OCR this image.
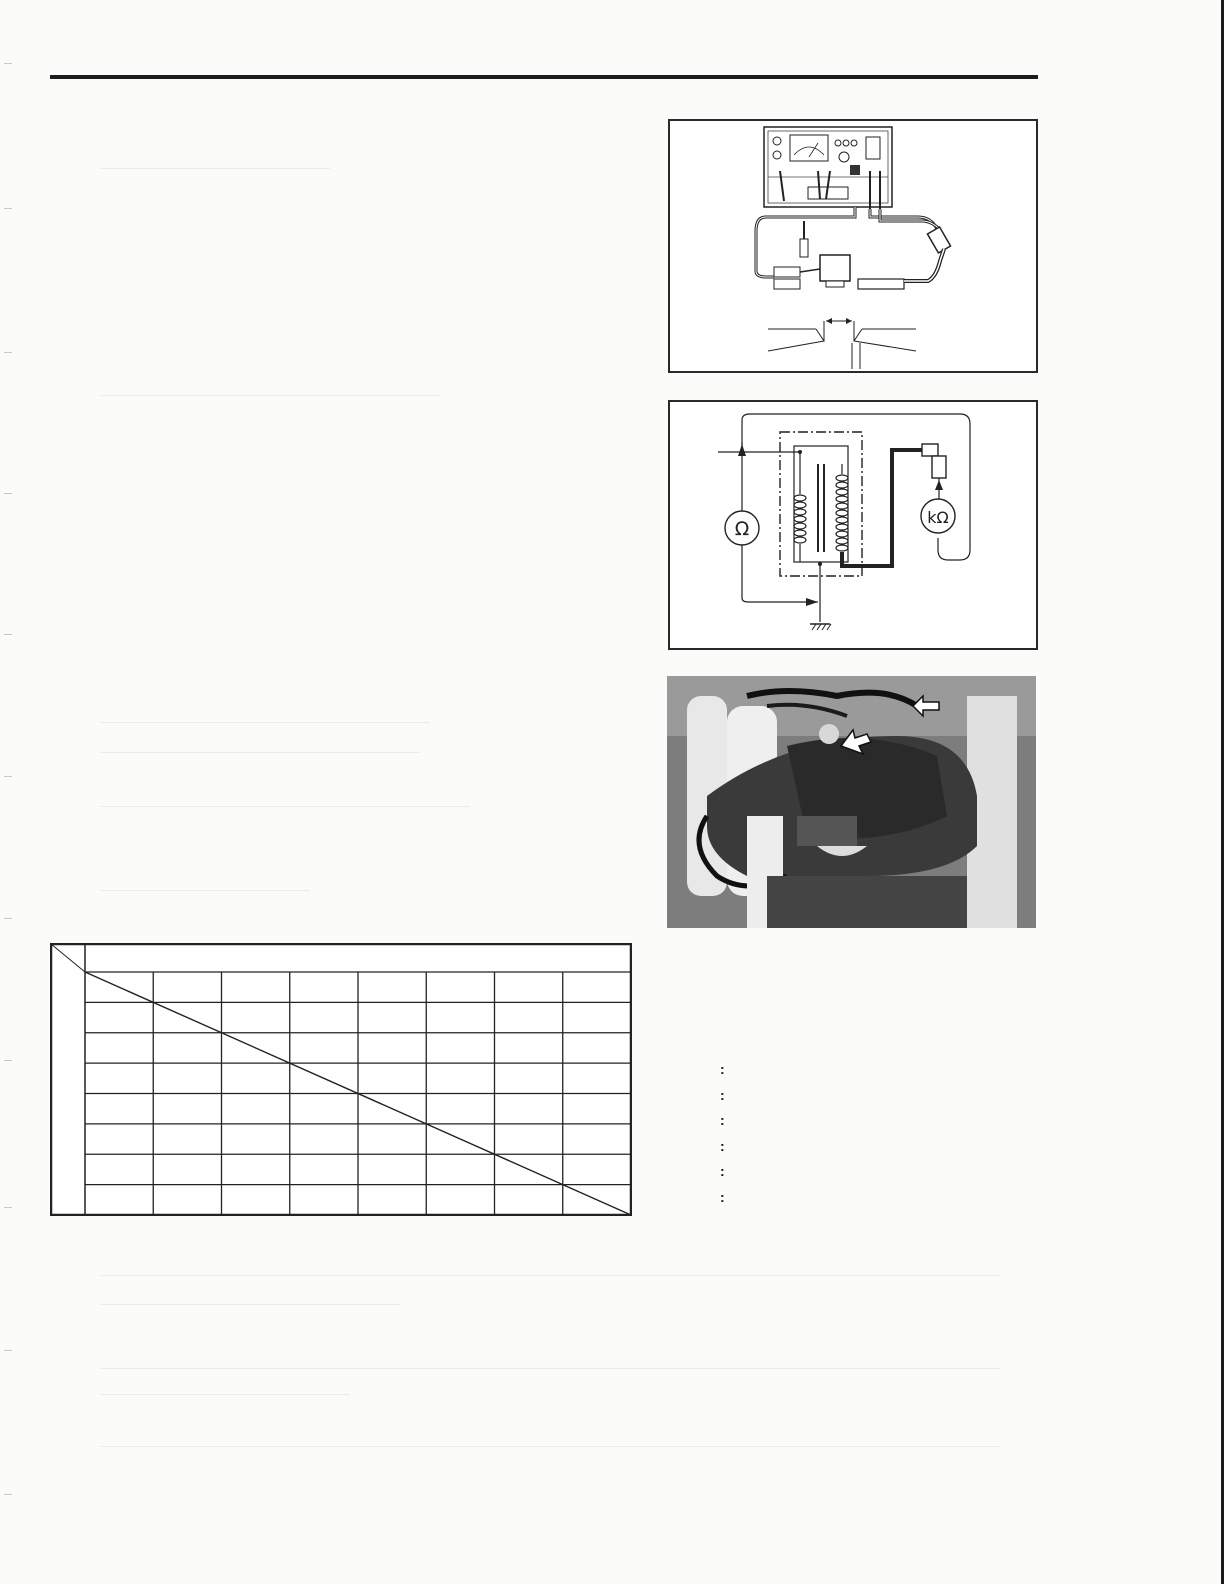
Ω
kΩ
:
:
:
:
:
:
